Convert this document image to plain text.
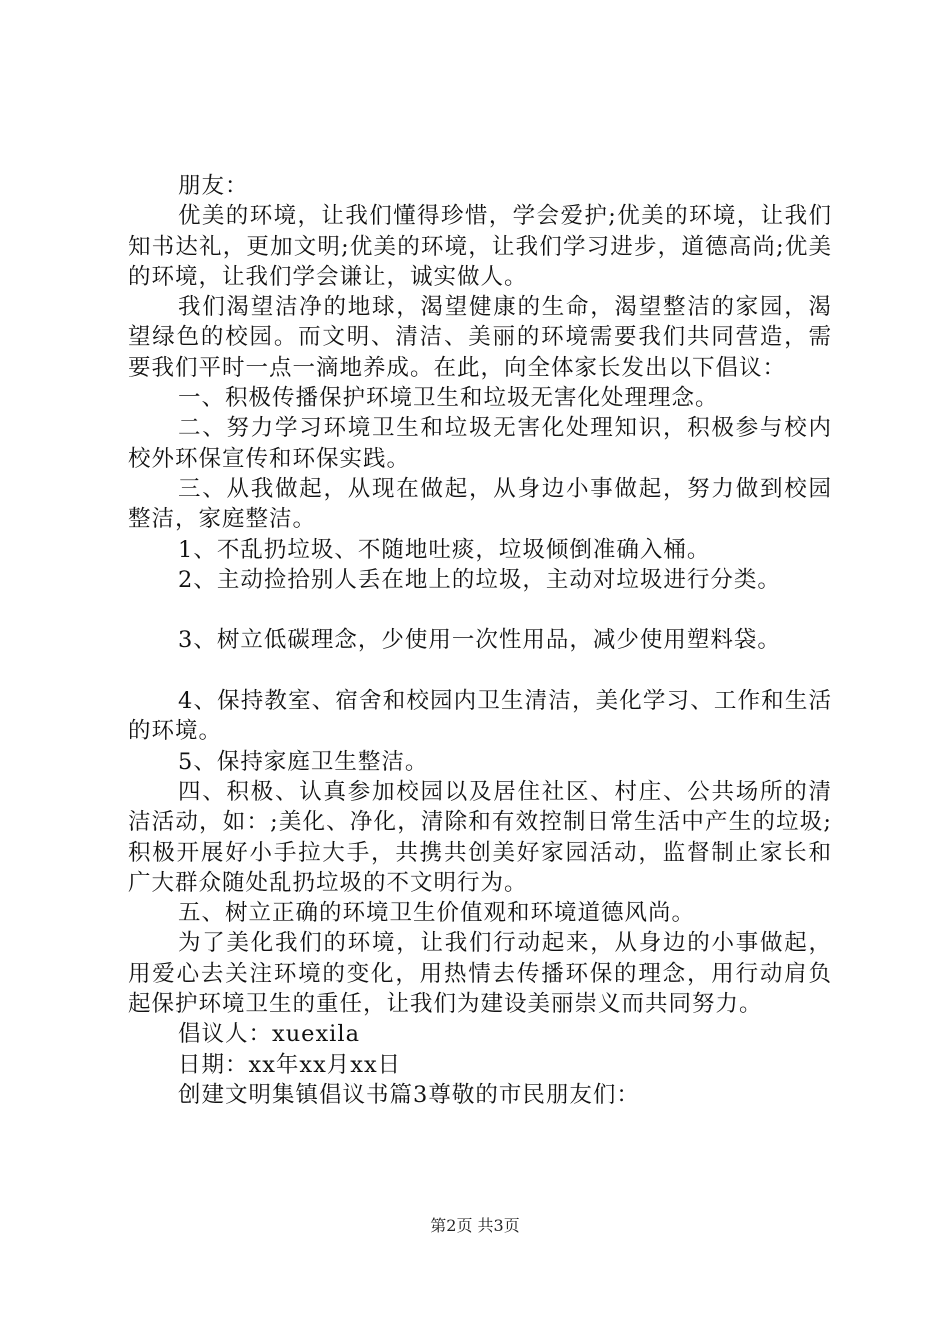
朋友：

优美的环境，让我们懂得珍惜，学会爱护;优美的环境，让我们知书达礼，更加文明;优美的环境，让我们学习进步，道德高尚;优美的环境，让我们学会谦让，诚实做人。

我们渴望洁净的地球，渴望健康的生命，渴望整洁的家园，渴望绿色的校园。而文明、清洁、美丽的环境需要我们共同营造，需要我们平时一点一滴地养成。在此，向全体家长发出以下倡议：

一、积极传播保护环境卫生和垃圾无害化处理理念。

二、努力学习环境卫生和垃圾无害化处理知识，积极参与校内校外环保宣传和环保实践。

三、从我做起，从现在做起，从身边小事做起，努力做到校园整洁，家庭整洁。

1、不乱扔垃圾、不随地吐痰，垃圾倾倒准确入桶。

2、主动捡拾别人丢在地上的垃圾，主动对垃圾进行分类。

3、树立低碳理念，少使用一次性用品，减少使用塑料袋。

4、保持教室、宿舍和校园内卫生清洁，美化学习、工作和生活的环境。

5、保持家庭卫生整洁。

四、积极、认真参加校园以及居住社区、村庄、公共场所的清洁活动，如：;美化、净化，清除和有效控制日常生活中产生的垃圾;积极开展好小手拉大手，共携共创美好家园活动，监督制止家长和广大群众随处乱扔垃圾的不文明行为。

五、树立正确的环境卫生价值观和环境道德风尚。

为了美化我们的环境，让我们行动起来，从身边的小事做起，用爱心去关注环境的变化，用热情去传播环保的理念，用行动肩负起保护环境卫生的重任，让我们为建设美丽崇义而共同努力。

倡议人：xuexila

日期：xx年xx月xx日

创建文明集镇倡议书篇3尊敬的市民朋友们：

第2页 共3页
